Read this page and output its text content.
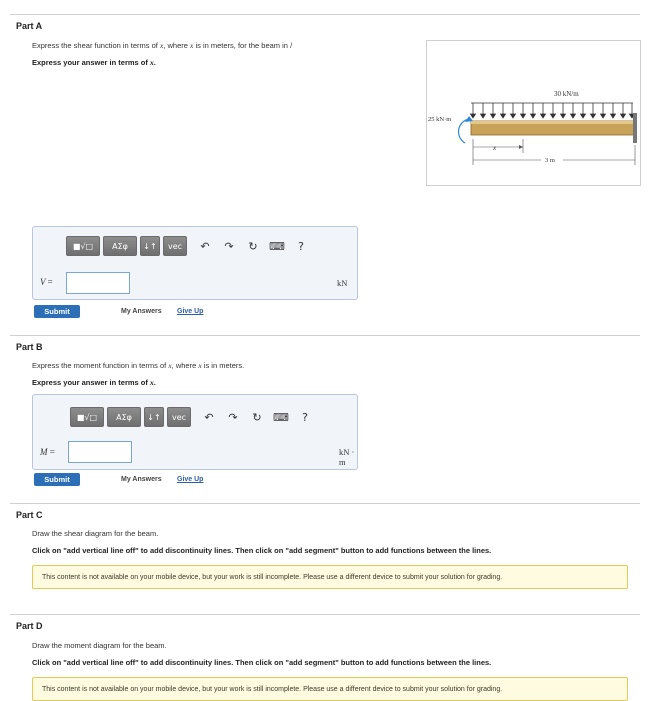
Part A
Express the shear function in terms of x, where x is in meters, for the beam in /
Express your answer in terms of x.
30 kN/m
25 kN·m
x
3 m
■√□	ΑΣφ	↓↑	vec	↶	↷	↻	⌨	?
V =	kN
Submit	My Answers Give Up
Part B
Express the moment function in terms of x, where x is in meters.
Express your answer in terms of x.
■√□	ΑΣφ	↓↑	vec	↶	↷	↻	⌨	?
M =	kN · m
Submit	My Answers Give Up
Part C
Draw the shear diagram for the beam.
Click on "add vertical line off" to add discontinuity lines. Then click on "add segment" button to add functions between the lines.
This content is not available on your mobile device, but your work is still incomplete. Please use a different device to submit your solution for grading.
Part D
Draw the moment diagram for the beam.
Click on "add vertical line off" to add discontinuity lines. Then click on "add segment" button to add functions between the lines.
This content is not available on your mobile device, but your work is still incomplete. Please use a different device to submit your solution for grading.
